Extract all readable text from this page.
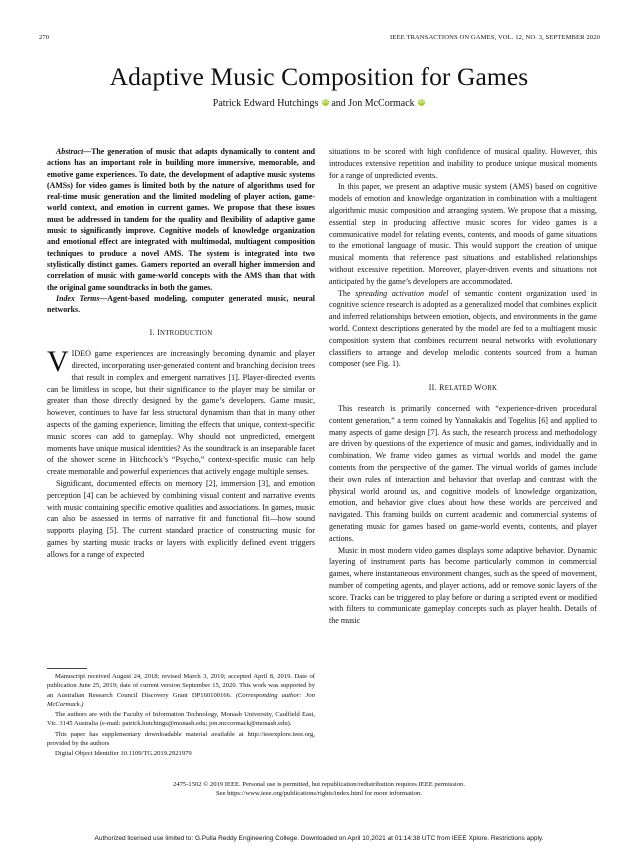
270	IEEE TRANSACTIONS ON GAMES, VOL. 12, NO. 3, SEPTEMBER 2020
Adaptive Music Composition for Games
Patrick Edward Hutchings iD and Jon McCormack iD

Abstract—The generation of music that adapts dynamically to content and actions has an important role in building more immersive, memorable, and emotive game experiences. To date, the development of adaptive music systems (AMSs) for video games is limited both by the nature of algorithms used for real-time music generation and the limited modeling of player action, game-world context, and emotion in current games. We propose that these issues must be addressed in tandem for the quality and flexibility of adaptive game music to significantly improve. Cognitive models of knowledge organization and emotional effect are integrated with multimodal, multiagent composition techniques to produce a novel AMS. The system is integrated into two stylistically distinct games. Gamers reported an overall higher immersion and correlation of music with game-world concepts with the AMS than that with the original game soundtracks in both the games.

Index Terms—Agent-based modeling, computer generated music, neural networks.

I. INTRODUCTION

VIDEO game experiences are increasingly becoming dynamic and player directed, incorporating user-generated content and branching decision trees that result in complex and emergent narratives [1]. Player-directed events can be limitless in scope, but their significance to the player may be similar or greater than those directly designed by the game’s developers. Game music, however, continues to have far less structural dynamism than that in many other aspects of the gaming experience, limiting the effects that unique, context-specific music scores can add to gameplay. Why should not unpredicted, emergent moments have unique musical identities? As the soundtrack is an inseparable facet of the shower scene in Hitchcock’s “Psycho,” context-specific music can help create memorable and powerful experiences that actively engage multiple senses.

Significant, documented effects on memory [2], immersion [3], and emotion perception [4] can be achieved by combining visual content and narrative events with music containing specific emotive qualities and associations. In games, music can also be assessed in terms of narrative fit and functional fit—how sound supports playing [5]. The current standard practice of constructing music for games by starting music tracks or layers with explicitly defined event triggers allows for a range of expected

Manuscript received August 24, 2018; revised March 3, 2019; accepted April 8, 2019. Date of publication June 25, 2019; date of current version September 15, 2020. This work was supported by an Australian Research Council Discovery Grant DP160100166. (Corresponding author: Jon McCormack.)

The authors are with the Faculty of Information Technology, Monash University, Caulfield East, Vic. 3145 Australia (e-mail: patrick.hutchings@monash.edu; jon.mccormack@monash.edu).

This paper has supplementary downloadable material available at http://ieeexplore.ieee.org, provided by the authors

Digital Object Identifier 10.1109/TG.2019.2921979

situations to be scored with high confidence of musical quality. However, this introduces extensive repetition and inability to produce unique musical moments for a range of unpredicted events.

In this paper, we present an adaptive music system (AMS) based on cognitive models of emotion and knowledge organization in combination with a multiagent algorithmic music composition and arranging system. We propose that a missing, essential step in producing affective music scores for video games is a communicative model for relating events, contents, and moods of game situations to the emotional language of music. This would support the creation of unique musical moments that reference past situations and established relationships without excessive repetition. Moreover, player-driven events and situations not anticipated by the game’s developers are accommodated.

The spreading activation model of semantic content organization used in cognitive science research is adopted as a generalized model that combines explicit and inferred relationships between emotion, objects, and environments in the game world. Context descriptions generated by the model are fed to a multiagent music composition system that combines recurrent neural networks with evolutionary classifiers to arrange and develop melodic contents sourced from a human composer (see Fig. 1).

II. RELATED WORK

This research is primarily concerned with “experience-driven procedural content generation,” a term coined by Yannakakis and Togelius [6] and applied to many aspects of game design [7]. As such, the research process and methodology are driven by questions of the experience of music and games, individually and in combination. We frame video games as virtual worlds and model the game contents from the perspective of the gamer. The virtual worlds of games include their own rules of interaction and behavior that overlap and contrast with the physical world around us, and cognitive models of knowledge organization, emotion, and behavior give clues about how these worlds are perceived and navigated. This framing builds on current academic and commercial systems of generating music for games based on game-world events, contents, and player actions.

Music in most modern video games displays some adaptive behavior. Dynamic layering of instrument parts has become particularly common in commercial games, where instantaneous environment changes, such as the speed of movement, number of competing agents, and player actions, add or remove sonic layers of the score. Tracks can be triggered to play before or during a scripted event or modified with filters to communicate gameplay concepts such as player health. Details of the music

2475-1502 © 2019 IEEE. Personal use is permitted, but republication/redistribution requires IEEE permission.
See https://www.ieee.org/publications/rights/index.html for more information.
Authorized licensed use limited to: G.Pulla Reddy Engineering College. Downloaded on April 10,2021 at 01:14:38 UTC from IEEE Xplore. Restrictions apply.
